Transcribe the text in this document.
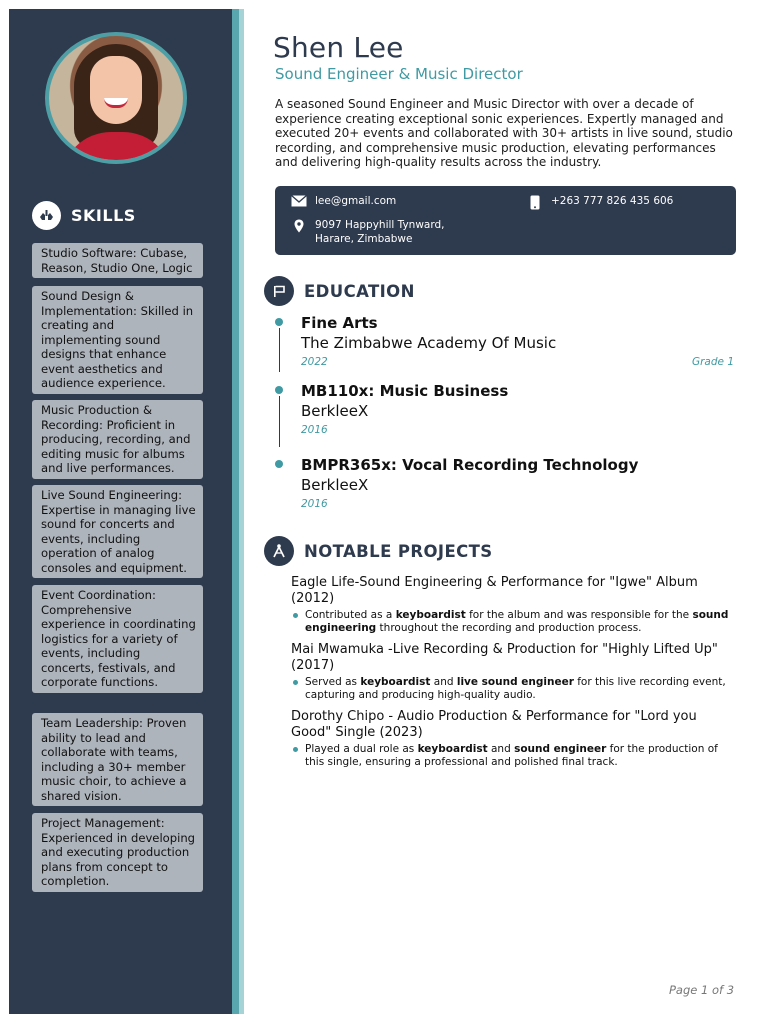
SKILLS
Studio Software: Cubase, Reason, Studio One, Logic
Sound Design & Implementation: Skilled in creating and implementing sound designs that enhance event aesthetics and audience experience.
Music Production & Recording: Proficient in producing, recording, and editing music for albums and live performances.
Live Sound Engineering: Expertise in managing live sound for concerts and events, including operation of analog consoles and equipment.
Event Coordination: Comprehensive experience in coordinating logistics for a variety of events, including concerts, festivals, and corporate functions.
Team Leadership: Proven ability to lead and collaborate with teams, including a 30+ member music choir, to achieve a shared vision.
Project Management: Experienced in developing and executing production plans from concept to completion.
Shen Lee
Sound Engineer & Music Director
A seasoned Sound Engineer and Music Director with over a decade of experience creating exceptional sonic experiences. Expertly managed and executed 20+ events and collaborated with 30+ artists in live sound, studio recording, and comprehensive music production, elevating performances and delivering high-quality results across the industry.
lee@gmail.com	+263 777 826 435 606
9097 Happyhill Tynward,
Harare, Zimbabwe
EDUCATION
Fine Arts
The Zimbabwe Academy Of Music
2022	Grade 1
MB110x: Music Business
BerkleeX
2016
BMPR365x: Vocal Recording Technology
BerkleeX
2016
NOTABLE PROJECTS
Eagle Life-Sound Engineering & Performance for "Igwe" Album (2012)
Contributed as a keyboardist for the album and was responsible for the sound engineering throughout the recording and production process.
Mai Mwamuka -Live Recording & Production for "Highly Lifted Up" (2017)
Served as keyboardist and live sound engineer for this live recording event, capturing and producing high-quality audio.
Dorothy Chipo - Audio Production & Performance for "Lord you Good" Single (2023)
Played a dual role as keyboardist and sound engineer for the production of this single, ensuring a professional and polished final track.
Page 1 of 3
